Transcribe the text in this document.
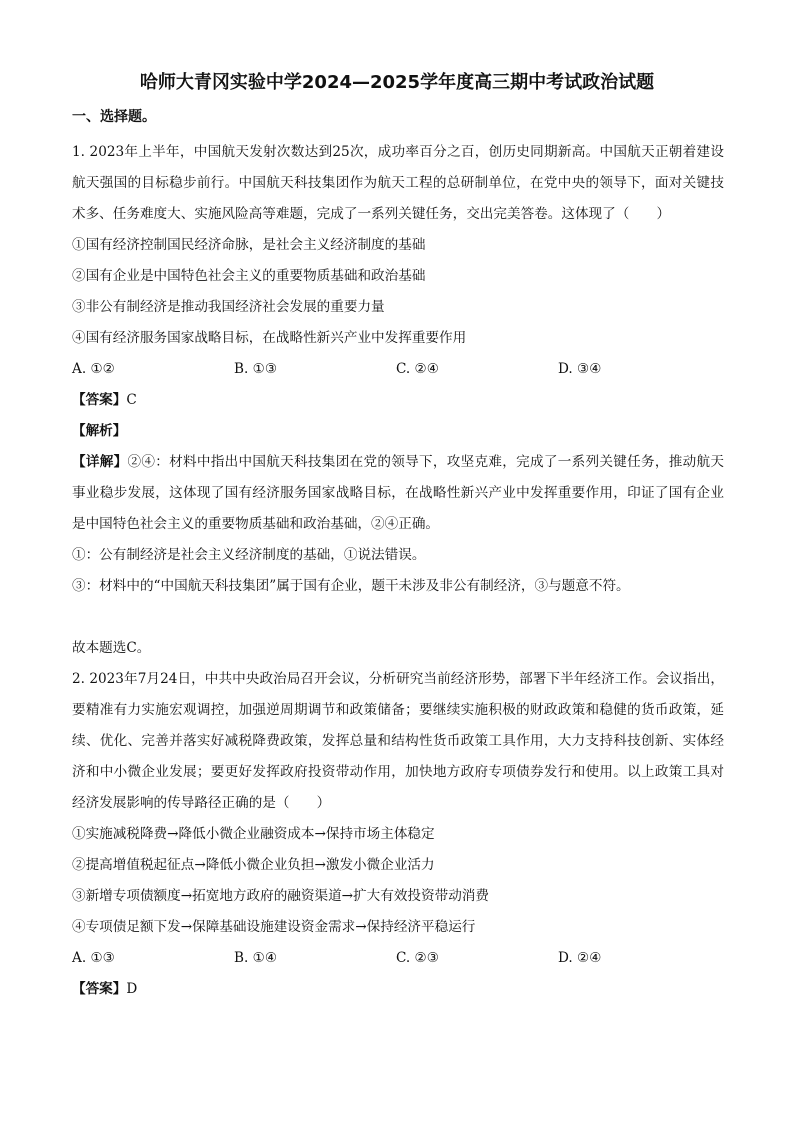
哈师大青冈实验中学2024—2025学年度高三期中考试政治试题
一、选择题。

1. 2023年上半年，中国航天发射次数达到25次，成功率百分之百，创历史同期新高。中国航天正朝着建设航天强国的目标稳步前行。中国航天科技集团作为航天工程的总研制单位，在党中央的领导下，面对关键技术多、任务难度大、实施风险高等难题，完成了一系列关键任务，交出完美答卷。这体现了（　　）

①国有经济控制国民经济命脉，是社会主义经济制度的基础

②国有企业是中国特色社会主义的重要物质基础和政治基础

③非公有制经济是推动我国经济社会发展的重要力量

④国有经济服务国家战略目标，在战略性新兴产业中发挥重要作用

A. ①②	B. ①③	C. ②④	D. ③④

【答案】C

【解析】

【详解】②④：材料中指出中国航天科技集团在党的领导下，攻坚克难，完成了一系列关键任务，推动航天事业稳步发展，这体现了国有经济服务国家战略目标，在战略性新兴产业中发挥重要作用，印证了国有企业是中国特色社会主义的重要物质基础和政治基础，②④正确。

①：公有制经济是社会主义经济制度的基础，①说法错误。

③：材料中的“中国航天科技集团”属于国有企业，题干未涉及非公有制经济，③与题意不符。

故本题选C。

2. 2023年7月24日，中共中央政治局召开会议，分析研究当前经济形势，部署下半年经济工作。会议指出，要精准有力实施宏观调控，加强逆周期调节和政策储备；要继续实施积极的财政政策和稳健的货币政策，延续、优化、完善并落实好减税降费政策，发挥总量和结构性货币政策工具作用，大力支持科技创新、实体经济和中小微企业发展；要更好发挥政府投资带动作用，加快地方政府专项债券发行和使用。以上政策工具对经济发展影响的传导路径正确的是（　　）

①实施减税降费→降低小微企业融资成本→保持市场主体稳定

②提高增值税起征点→降低小微企业负担→激发小微企业活力

③新增专项债额度→拓宽地方政府的融资渠道→扩大有效投资带动消费

④专项债足额下发→保障基础设施建设资金需求→保持经济平稳运行

A. ①③	B. ①④	C. ②③	D. ②④

【答案】D
